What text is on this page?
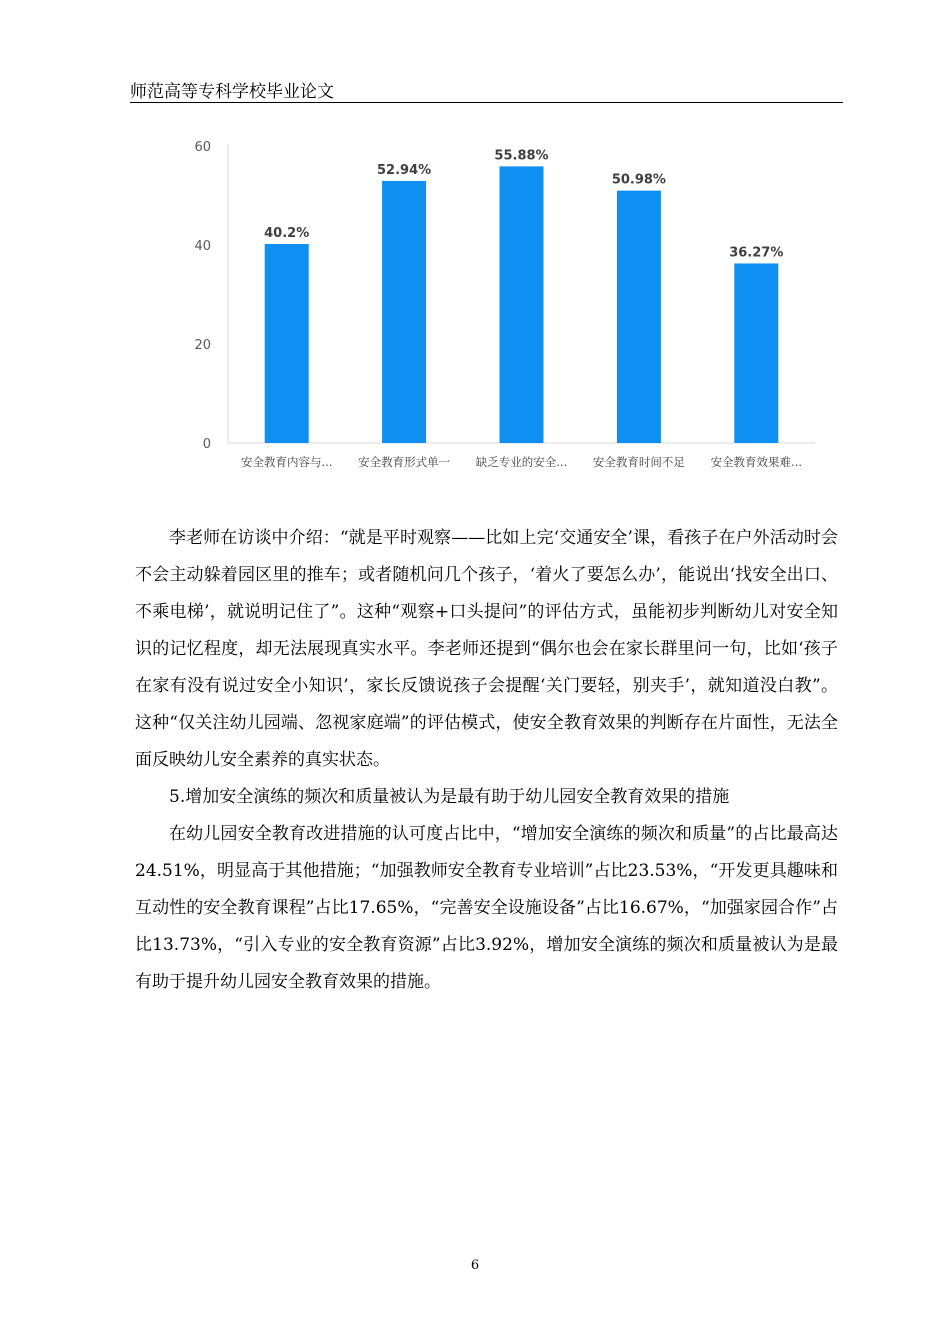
师范高等专科学校毕业论文
0
20
40
60
40.2%
安全教育内容与...
52.94%
安全教育形式单一
55.88%
缺乏专业的安全...
50.98%
安全教育时间不足
36.27%
安全教育效果难...

李老师在访谈中介绍：“就是平时观察——比如上完‘交通安全’课，看孩子在户外活动时会不会主动躲着园区里的推车；或者随机问几个孩子，‘着火了要怎么办’，能说出‘找安全出口、不乘电梯’，就说明记住了”。这种“观察+口头提问”的评估方式，虽能初步判断幼儿对安全知识的记忆程度，却无法展现真实水平。李老师还提到“偶尔也会在家长群里问一句，比如‘孩子在家有没有说过安全小知识’，家长反馈说孩子会提醒‘关门要轻，别夹手’，就知道没白教”。这种“仅关注幼儿园端、忽视家庭端”的评估模式，使安全教育效果的判断存在片面性，无法全面反映幼儿安全素养的真实状态。

5.增加安全演练的频次和质量被认为是最有助于幼儿园安全教育效果的措施

在幼儿园安全教育改进措施的认可度占比中，“增加安全演练的频次和质量”的占比最高达24.51%，明显高于其他措施；“加强教师安全教育专业培训”占比23.53%，“开发更具趣味和互动性的安全教育课程”占比17.65%，“完善安全设施设备”占比16.67%，“加强家园合作”占比13.73%，“引入专业的安全教育资源”占比3.92%，增加安全演练的频次和质量被认为是最有助于提升幼儿园安全教育效果的措施。

6
